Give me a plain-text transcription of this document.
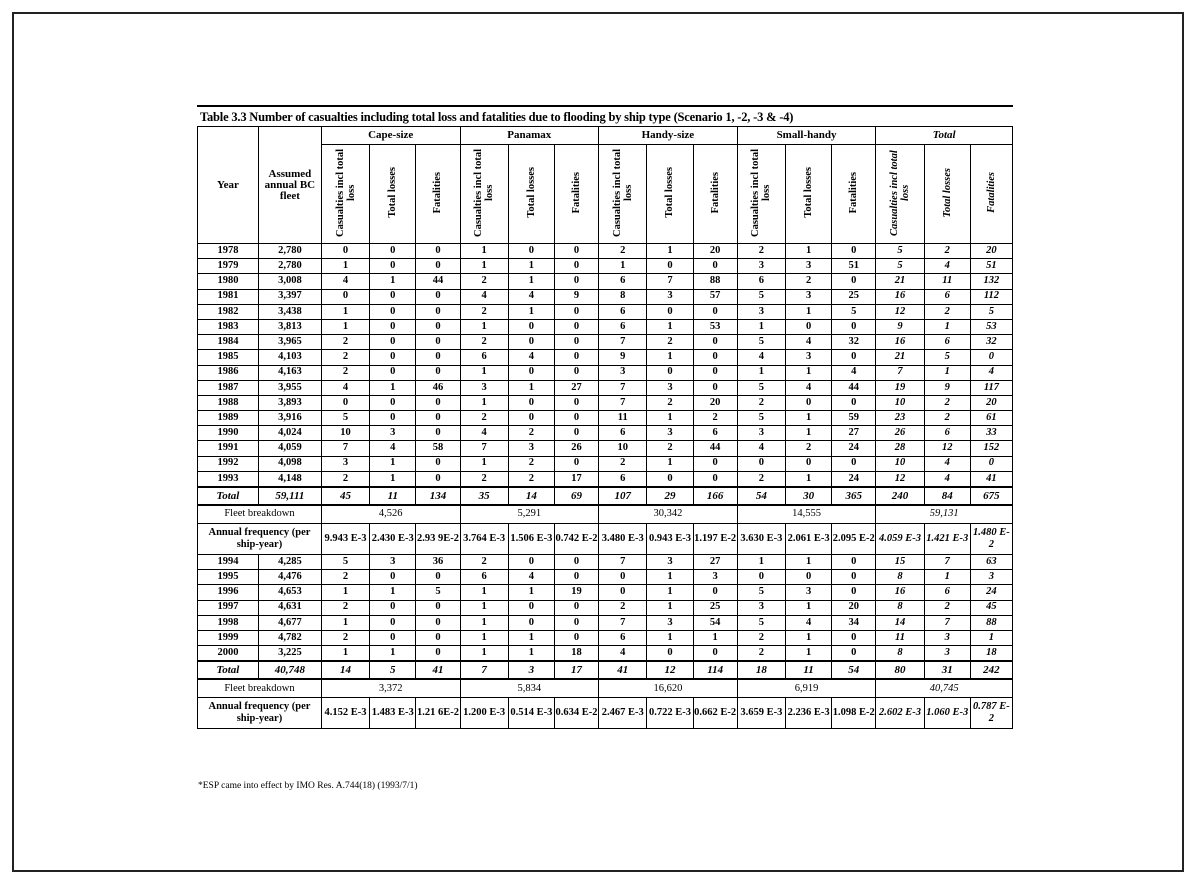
Table 3.3 Number of casualties including total loss and fatalities due to flooding by ship type (Scenario 1, -2, -3 & -4)
Year	Assumed annual BC fleet	Cape-size			Panamax			Handy-size			Small-handy			Total		
		Casualties incl total loss	Total losses	Fatalities	Casualties incl total loss	Total losses	Fatalities	Casualties incl total loss	Total losses	Fatalities	Casualties incl total loss	Total losses	Fatalities	Casualties incl total loss	Total losses	Fatalities
1978	2,780	0	0	0	1	0	0	2	1	20	2	1	0	5	2	20
1979	2,780	1	0	0	1	1	0	1	0	0	3	3	51	5	4	51
1980	3,008	4	1	44	2	1	0	6	7	88	6	2	0	21	11	132
1981	3,397	0	0	0	4	4	9	8	3	57	5	3	25	16	6	112
1982	3,438	1	0	0	2	1	0	6	0	0	3	1	5	12	2	5
1983	3,813	1	0	0	1	0	0	6	1	53	1	0	0	9	1	53
1984	3,965	2	0	0	2	0	0	7	2	0	5	4	32	16	6	32
1985	4,103	2	0	0	6	4	0	9	1	0	4	3	0	21	5	0
1986	4,163	2	0	0	1	0	0	3	0	0	1	1	4	7	1	4
1987	3,955	4	1	46	3	1	27	7	3	0	5	4	44	19	9	117
1988	3,893	0	0	0	1	0	0	7	2	20	2	0	0	10	2	20
1989	3,916	5	0	0	2	0	0	11	1	2	5	1	59	23	2	61
1990	4,024	10	3	0	4	2	0	6	3	6	3	1	27	26	6	33
1991	4,059	7	4	58	7	3	26	10	2	44	4	2	24	28	12	152
1992	4,098	3	1	0	1	2	0	2	1	0	0	0	0	10	4	0
1993	4,148	2	1	0	2	2	17	6	0	0	2	1	24	12	4	41
Total	59,111	45	11	134	35	14	69	107	29	166	54	30	365	240	84	675
Fleet breakdown		4,526			5,291			30,342			14,555			59,131		
Annual frequency (per ship-year)		9.943 E-3	2.430 E-3	2.93 9E-2	3.764 E-3	1.506 E-3	0.742 E-2	3.480 E-3	0.943 E-3	1.197 E-2	3.630 E-3	2.061 E-3	2.095 E-2	4.059 E-3	1.421 E-3	1.480 E-2
1994	4,285	5	3	36	2	0	0	7	3	27	1	1	0	15	7	63
1995	4,476	2	0	0	6	4	0	0	1	3	0	0	0	8	1	3
1996	4,653	1	1	5	1	1	19	0	1	0	5	3	0	16	6	24
1997	4,631	2	0	0	1	0	0	2	1	25	3	1	20	8	2	45
1998	4,677	1	0	0	1	0	0	7	3	54	5	4	34	14	7	88
1999	4,782	2	0	0	1	1	0	6	1	1	2	1	0	11	3	1
2000	3,225	1	1	0	1	1	18	4	0	0	2	1	0	8	3	18
Total	40,748	14	5	41	7	3	17	41	12	114	18	11	54	80	31	242
Fleet breakdown		3,372			5,834			16,620			6,919			40,745		
Annual frequency (per ship-year)		4.152 E-3	1.483 E-3	1.21 6E-2	1.200 E-3	0.514 E-3	0.634 E-2	2.467 E-3	0.722 E-3	0.662 E-2	3.659 E-3	2.236 E-3	1.098 E-2	2.602 E-3	1.060 E-3	0.787 E-2
*ESP came into effect by IMO Res. A.744(18) (1993/7/1)
